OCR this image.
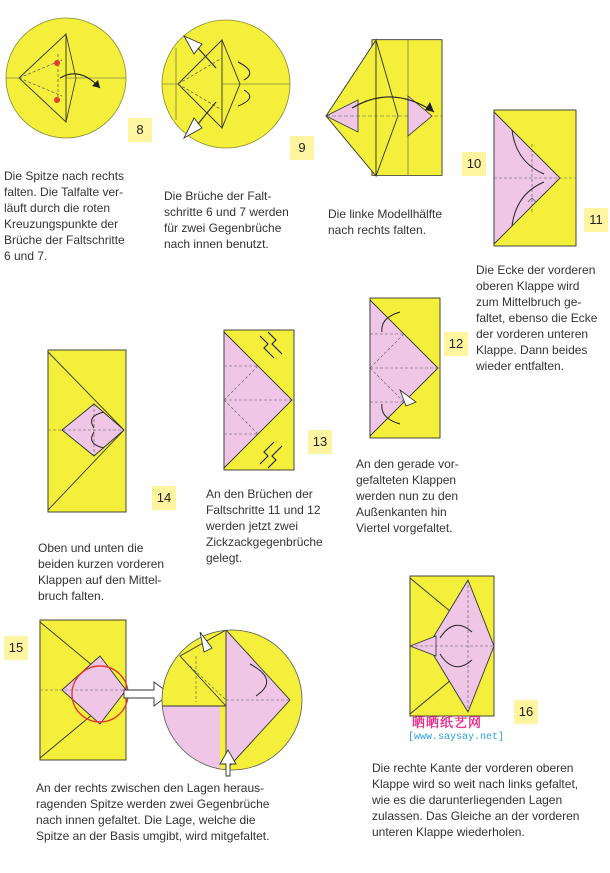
8
Die Spitze nach rechts
falten. Die Talfalte ver-
läuft durch die roten
Kreuzungspunkte der
Brüche der Faltschritte
6 und 7.
9
Die Brüche der Falt-
schritte 6 und 7 werden
für zwei Gegenbrüche
nach innen benutzt.
10
Die linke Modellhälfte
nach rechts falten.
11
Die Ecke der vorderen
oberen Klappe wird
zum Mittelbruch ge-
faltet, ebenso die Ecke
der vorderen unteren
Klappe. Dann beides
wieder entfalten.
12
An den gerade vor-
gefalteten Klappen
werden nun zu den
Außenkanten hin
Viertel vorgefaltet.
13
An den Brüchen der
Faltschritte 11 und 12
werden jetzt zwei
Zickzackgegenbrüche
gelegt.
14
Oben und unten die
beiden kurzen vorderen
Klappen auf den Mittel-
bruch falten.
15
An der rechts zwischen den Lagen heraus-
ragenden Spitze werden zwei Gegenbrüche
nach innen gefaltet. Die Lage, welche die
Spitze an der Basis umgibt, wird mitgefaltet.
16
晒晒纸艺网
[www.saysay.net]
Die rechte Kante der vorderen oberen
Klappe wird so weit nach links gefaltet,
wie es die darunterliegenden Lagen
zulassen. Das Gleiche an der vorderen
unteren Klappe wiederholen.
